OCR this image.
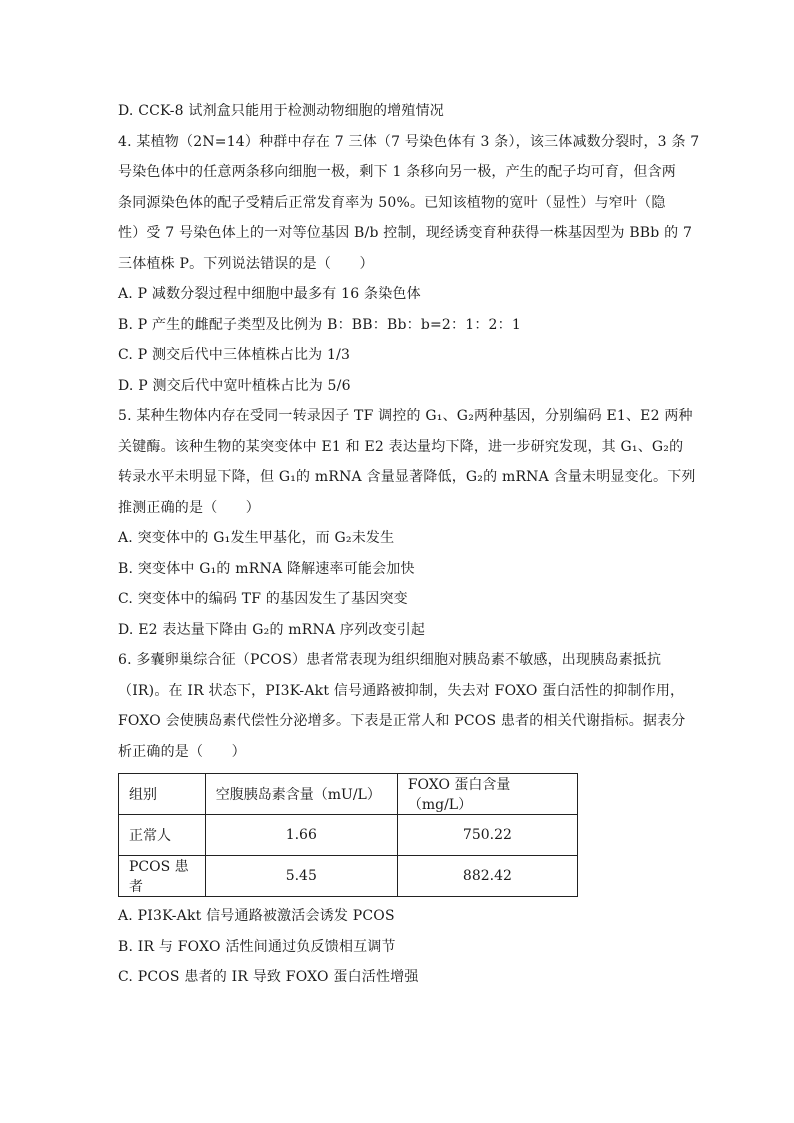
D. CCK-8 试剂盒只能用于检测动物细胞的增殖情况
4. 某植物（2N=14）种群中存在 7 三体（7 号染色体有 3 条），该三体减数分裂时，3 条 7
号染色体中的任意两条移向细胞一极，剩下 1 条移向另一极，产生的配子均可育，但含两
条同源染色体的配子受精后正常发育率为 50%。已知该植物的宽叶（显性）与窄叶（隐
性）受 7 号染色体上的一对等位基因 B/b 控制，现经诱变育种获得一株基因型为 BBb 的 7
三体植株 P。下列说法错误的是（　　）
A. P 减数分裂过程中细胞中最多有 16 条染色体
B. P 产生的雌配子类型及比例为 B：BB：Bb：b=2：1：2：1
C. P 测交后代中三体植株占比为 1/3
D. P 测交后代中宽叶植株占比为 5/6
5. 某种生物体内存在受同一转录因子 TF 调控的 G₁、G₂两种基因，分别编码 E1、E2 两种
关键酶。该种生物的某突变体中 E1 和 E2 表达量均下降，进一步研究发现，其 G₁、G₂的
转录水平未明显下降，但 G₁的 mRNA 含量显著降低，G₂的 mRNA 含量未明显变化。下列
推测正确的是（　　）
A. 突变体中的 G₁发生甲基化，而 G₂未发生
B. 突变体中 G₁的 mRNA 降解速率可能会加快
C. 突变体中的编码 TF 的基因发生了基因突变
D. E2 表达量下降由 G₂的 mRNA 序列改变引起
6. 多囊卵巢综合征（PCOS）患者常表现为组织细胞对胰岛素不敏感，出现胰岛素抵抗
（IR)。在 IR 状态下，PI3K-Akt 信号通路被抑制，失去对 FOXO 蛋白活性的抑制作用，
FOXO 会使胰岛素代偿性分泌增多。下表是正常人和 PCOS 患者的相关代谢指标。据表分
析正确的是（　　）
组别	空腹胰岛素含量（mU/L）	FOXO 蛋白含量（mg/L）
正常人	1.66	750.22
PCOS 患者	5.45	882.42
A. PI3K-Akt 信号通路被激活会诱发 PCOS
B. IR 与 FOXO 活性间通过负反馈相互调节
C. PCOS 患者的 IR 导致 FOXO 蛋白活性增强
